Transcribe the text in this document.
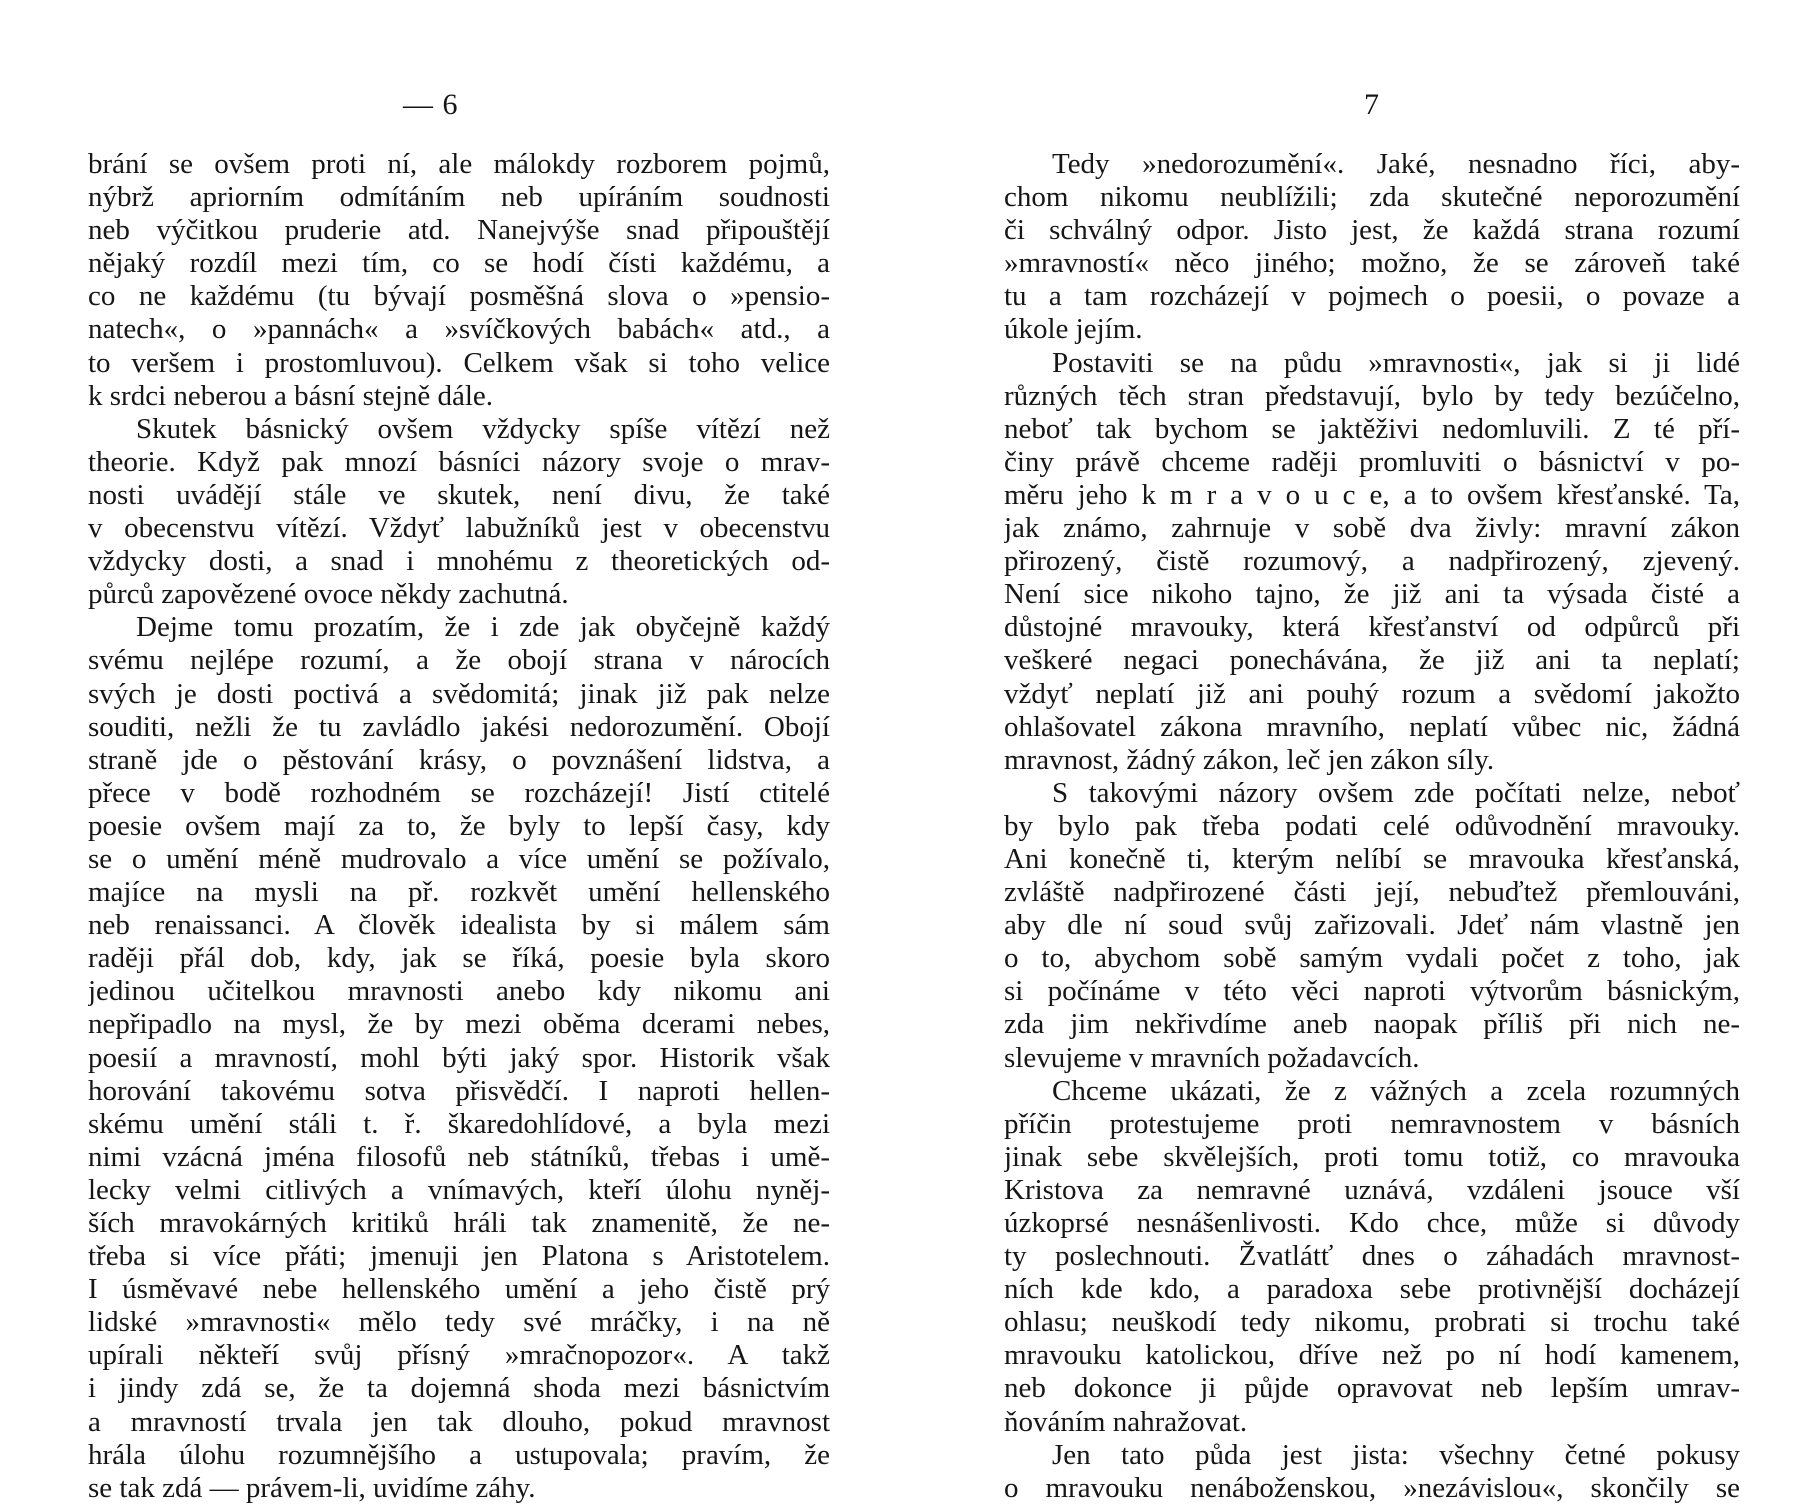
— 6
brání se ovšem proti ní, ale málokdy rozborem pojmů,
nýbrž apriorním odmítáním neb upíráním soudnosti
neb výčitkou pruderie atd. Nanejvýše snad připouštějí
nějaký rozdíl mezi tím, co se hodí čísti každému, a
co ne každému (tu bývají posměšná slova o »pensio-
natech«, o »pannách« a »svíčkových babách« atd., a
to veršem i prostomluvou). Celkem však si toho velice
k srdci neberou a básní stejně dále.
Skutek básnický ovšem vždycky spíše vítězí než
theorie. Když pak mnozí básníci názory svoje o mrav-
nosti uvádějí stále ve skutek, není divu, že také
v obecenstvu vítězí. Vždyť labužníků jest v obecenstvu
vždycky dosti, a snad i mnohému z theoretických od-
půrců zapovězené ovoce někdy zachutná.
Dejme tomu prozatím, že i zde jak obyčejně každý
svému nejlépe rozumí, a že obojí strana v nárocích
svých je dosti poctivá a svědomitá; jinak již pak nelze
souditi, nežli že tu zavládlo jakési nedorozumění. Obojí
straně jde o pěstování krásy, o povznášení lidstva, a
přece v bodě rozhodném se rozcházejí! Jistí ctitelé
poesie ovšem mají za to, že byly to lepší časy, kdy
se o umění méně mudrovalo a více umění se požívalo,
majíce na mysli na př. rozkvět umění hellenského
neb renaissanci. A člověk idealista by si málem sám
raději přál dob, kdy, jak se říká, poesie byla skoro
jedinou učitelkou mravnosti anebo kdy nikomu ani
nepřipadlo na mysl, že by mezi oběma dcerami nebes,
poesií a mravností, mohl býti jaký spor. Historik však
horování takovému sotva přisvědčí. I naproti hellen-
skému umění stáli t. ř. škaredohlídové, a byla mezi
nimi vzácná jména filosofů neb státníků, třebas i umě-
lecky velmi citlivých a vnímavých, kteří úlohu nyněj-
ších mravokárných kritiků hráli tak znamenitě, že ne-
třeba si více přáti; jmenuji jen Platona s Aristotelem.
I úsměvavé nebe hellenského umění a jeho čistě prý
lidské »mravnosti« mělo tedy své mráčky, i na ně
upírali někteří svůj přísný »mračnopozor«. A takž
i jindy zdá se, že ta dojemná shoda mezi básnictvím
a mravností trvala jen tak dlouho, pokud mravnost
hrála úlohu rozumnějšího a ustupovala; pravím, že
se tak zdá — právem-li, uvidíme záhy.
7
Tedy »nedorozumění«. Jaké, nesnadno říci, aby-
chom nikomu neublížili; zda skutečné neporozumění
či schválný odpor. Jisto jest, že každá strana rozumí
»mravností« něco jiného; možno, že se zároveň také
tu a tam rozcházejí v pojmech o poesii, o povaze a
úkole jejím.
Postaviti se na půdu »mravnosti«, jak si ji lidé
různých těch stran představují, bylo by tedy bezúčelno,
neboť tak bychom se jaktěživi nedomluvili. Z té pří-
činy právě chceme raději promluviti o básnictví v po-
měru jeho k m r a v o u c e, a to ovšem křesťanské. Ta,
jak známo, zahrnuje v sobě dva živly: mravní zákon
přirozený, čistě rozumový, a nadpřirozený, zjevený.
Není sice nikoho tajno, že již ani ta výsada čisté a
důstojné mravouky, která křesťanství od odpůrců při
veškeré negaci ponechávána, že již ani ta neplatí;
vždyť neplatí již ani pouhý rozum a svědomí jakožto
ohlašovatel zákona mravního, neplatí vůbec nic, žádná
mravnost, žádný zákon, leč jen zákon síly.
S takovými názory ovšem zde počítati nelze, neboť
by bylo pak třeba podati celé odůvodnění mravouky.
Ani konečně ti, kterým nelíbí se mravouka křesťanská,
zvláště nadpřirozené části její, nebuďtež přemlouváni,
aby dle ní soud svůj zařizovali. Jdeť nám vlastně jen
o to, abychom sobě samým vydali počet z toho, jak
si počínáme v této věci naproti výtvorům básnickým,
zda jim nekřivdíme aneb naopak příliš při nich ne-
slevujeme v mravních požadavcích.
Chceme ukázati, že z vážných a zcela rozumných
příčin protestujeme proti nemravnostem v básních
jinak sebe skvělejších, proti tomu totiž, co mravouka
Kristova za nemravné uznává, vzdáleni jsouce vší
úzkoprsé nesnášenlivosti. Kdo chce, může si důvody
ty poslechnouti. Žvatlátť dnes o záhadách mravnost-
ních kde kdo, a paradoxa sebe protivnější docházejí
ohlasu; neuškodí tedy nikomu, probrati si trochu také
mravouku katolickou, dříve než po ní hodí kamenem,
neb dokonce ji půjde opravovat neb lepším umrav-
ňováním nahražovat.
Jen tato půda jest jista: všechny četné pokusy
o mravouku nenáboženskou, »nezávislou«, skončily se
